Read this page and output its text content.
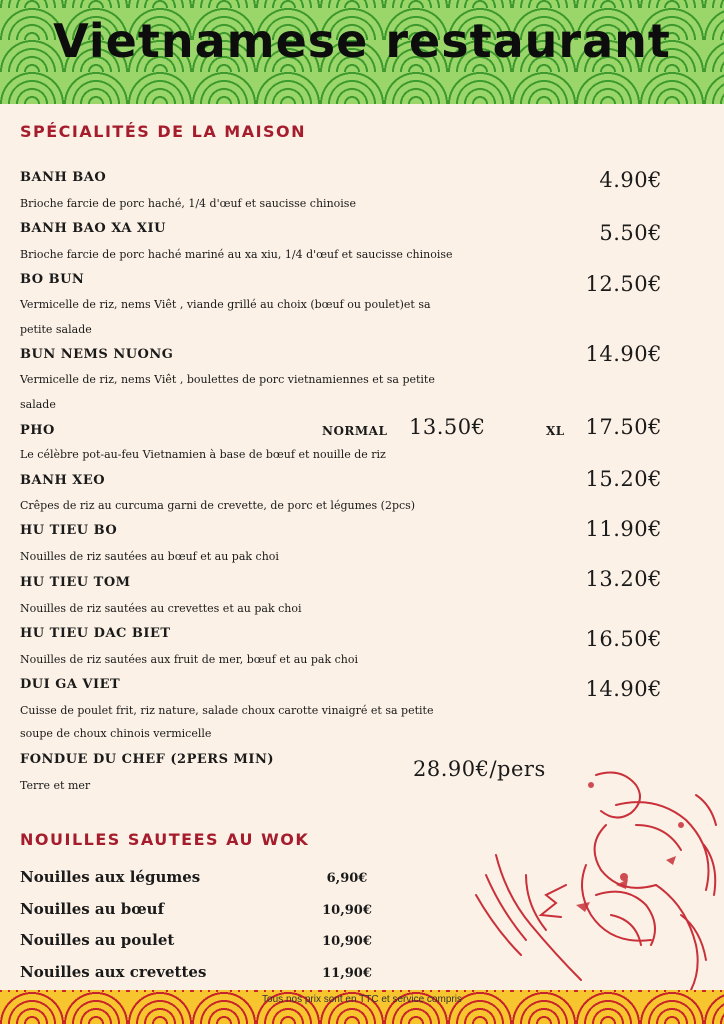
Vietnamese restaurant
SPÉCIALITÉS DE LA MAISON
BANH BAO
Brioche farcie de porc haché, 1/4 d'œuf et saucisse chinoise
4.90€
BANH BAO XA XIU
Brioche farcie de porc haché mariné au xa xiu, 1/4 d'œuf et saucisse chinoise
5.50€
BO BUN
Vermicelle de riz, nems Viêt , viande grillé au choix (bœuf ou poulet)et sa
petite salade
12.50€
BUN NEMS NUONG
Vermicelle de riz, nems Viêt , boulettes de porc vietnamiennes et sa petite
salade
14.90€
PHO
Le célèbre pot-au-feu Vietnamien à base de bœuf et nouille de riz
NORMAL 13.50€	XL 17.50€
BANH XEO
Crêpes de riz au curcuma garni de crevette, de porc et légumes (2pcs)
15.20€
HU TIEU BO
Nouilles de riz sautées au bœuf et au pak choi
11.90€
HU TIEU TOM
Nouilles de riz sautées au crevettes et au pak choi
13.20€
HU TIEU DAC BIET
Nouilles de riz sautées aux fruit de mer, bœuf et au pak choi
16.50€
DUI GA VIET
Cuisse de poulet frit, riz nature, salade choux carotte vinaigré et sa petite
soupe de choux chinois vermicelle
14.90€
FONDUE DU CHEF (2PERS MIN)
Terre et mer
28.90€/pers
NOUILLES SAUTEES AU WOK
Nouilles aux légumes	6,90€
Nouilles au bœuf	10,90€
Nouilles au poulet	10,90€
Nouilles aux crevettes	11,90€
Tous nos prix sont en TTC et service compris
